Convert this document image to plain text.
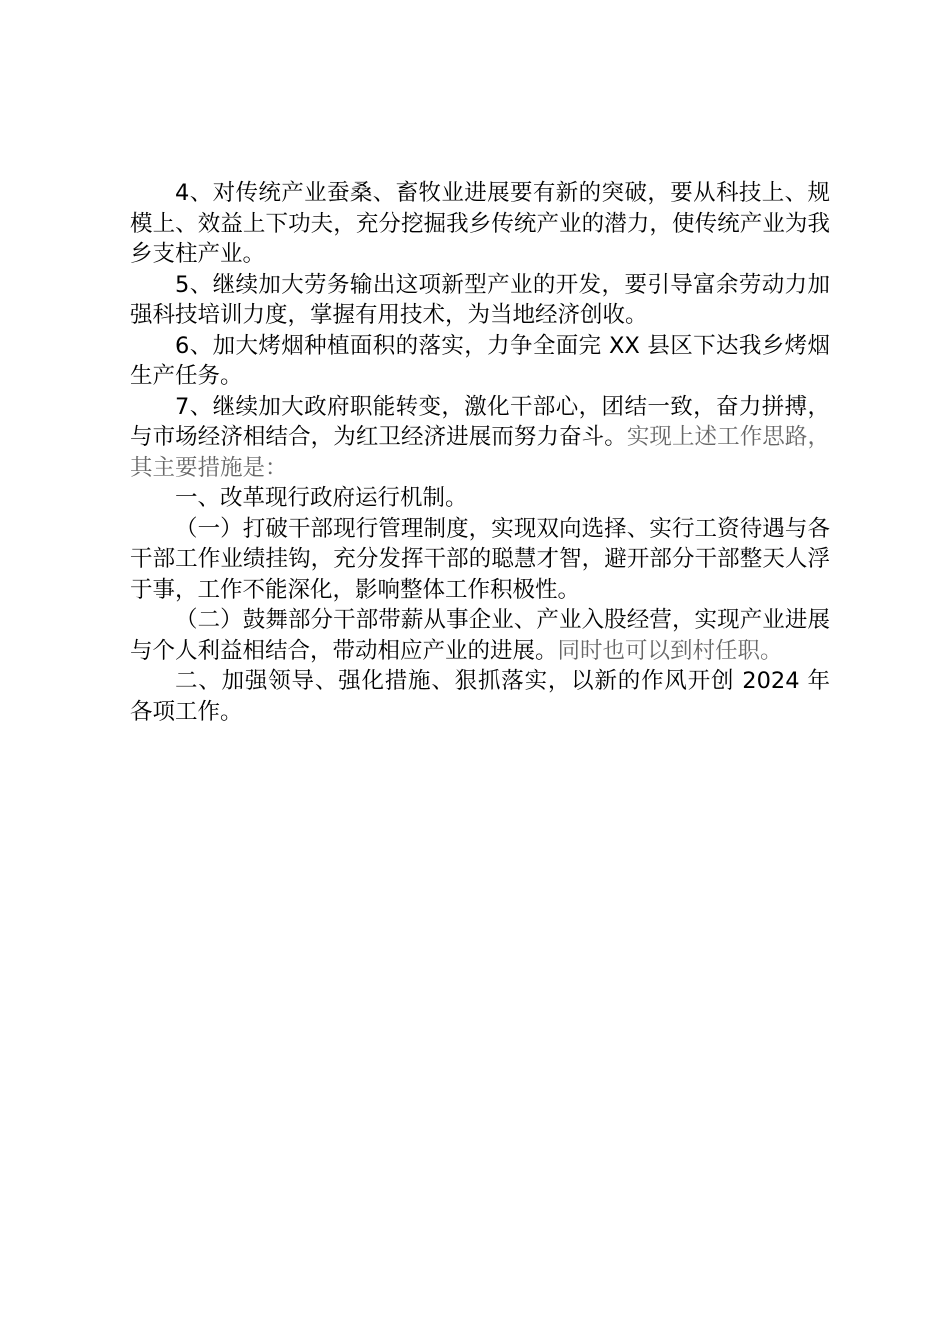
4、对传统产业蚕桑、畜牧业进展要有新的突破，要从科技上、规模上、效益上下功夫，充分挖掘我乡传统产业的潜力，使传统产业为我乡支柱产业。

5、继续加大劳务输出这项新型产业的开发，要引导富余劳动力加强科技培训力度，掌握有用技术，为当地经济创收。

6、加大烤烟种植面积的落实，力争全面完 XX 县区下达我乡烤烟生产任务。

7、继续加大政府职能转变，激化干部心，团结一致，奋力拼搏，与市场经济相结合，为红卫经济进展而努力奋斗。实现上述工作思路，其主要措施是：

一、改革现行政府运行机制。

（一）打破干部现行管理制度，实现双向选择、实行工资待遇与各干部工作业绩挂钩，充分发挥干部的聪慧才智，避开部分干部整天人浮于事，工作不能深化，影响整体工作积极性。

（二）鼓舞部分干部带薪从事企业、产业入股经营，实现产业进展与个人利益相结合，带动相应产业的进展。同时也可以到村任职。

二、加强领导、强化措施、狠抓落实，以新的作风开创 2024 年各项工作。
